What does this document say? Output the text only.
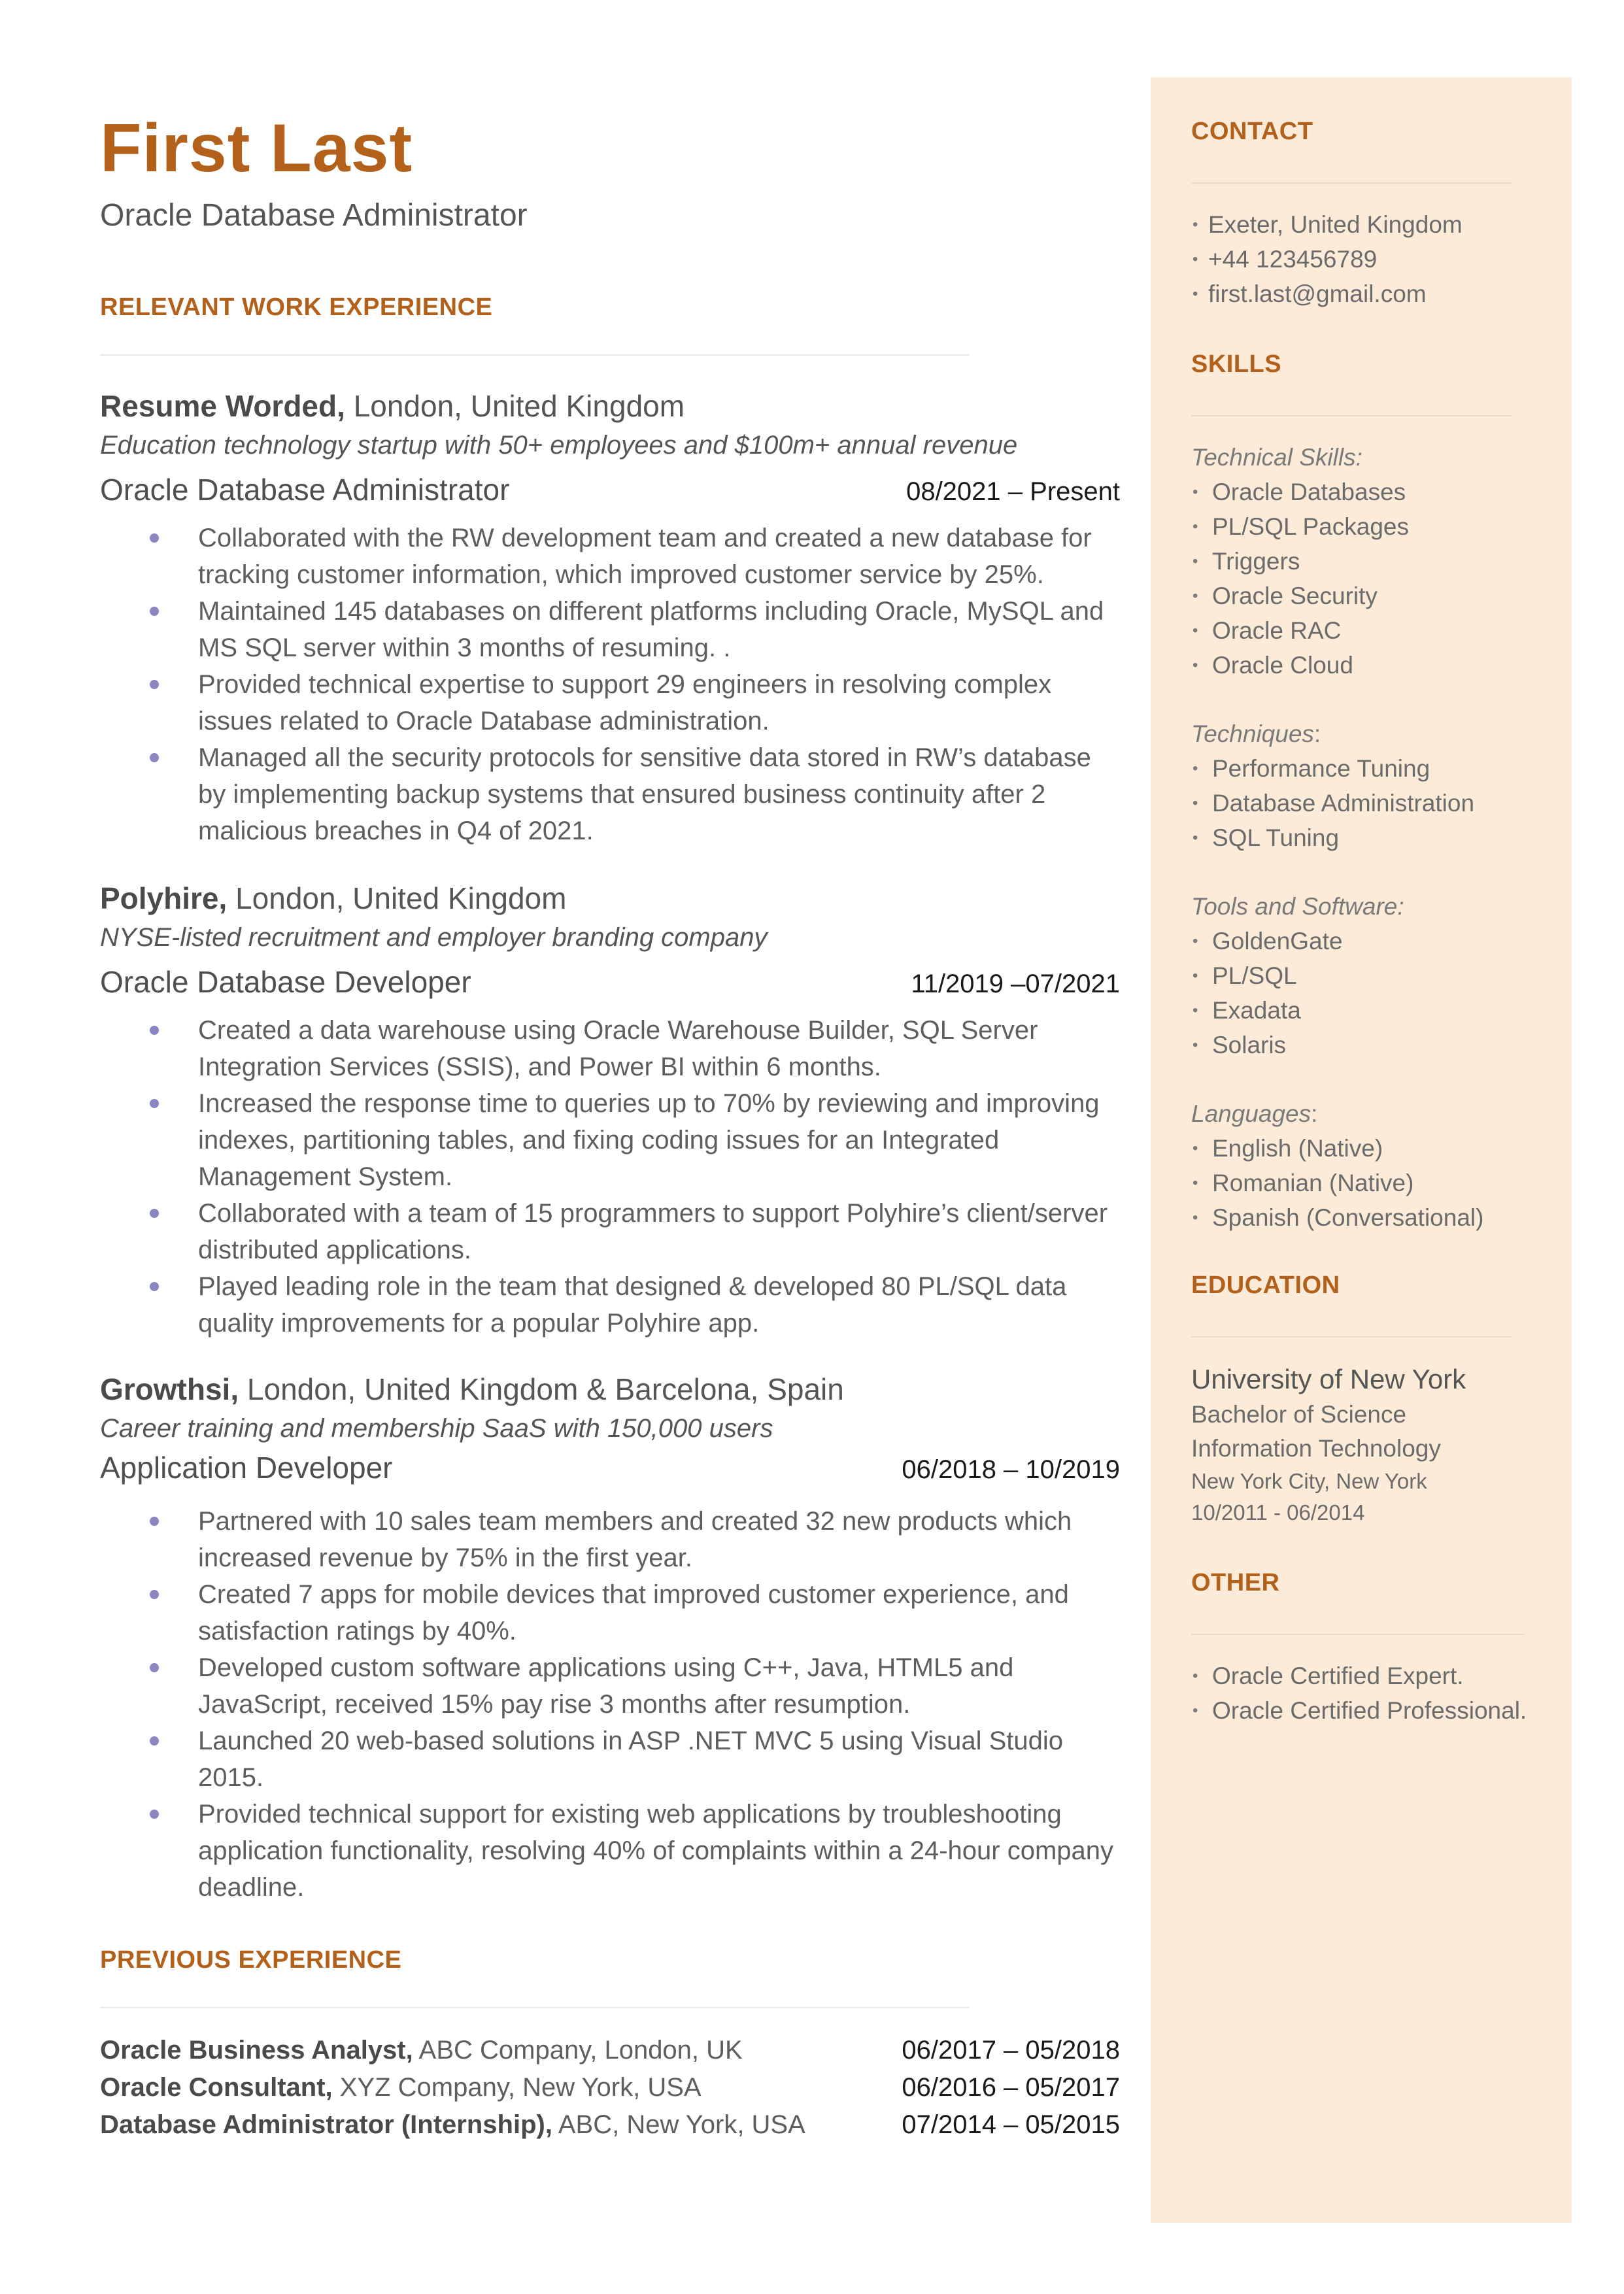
First Last
Oracle Database Administrator
RELEVANT WORK EXPERIENCE
Resume Worded, London, United Kingdom
Education technology startup with 50+ employees and $100m+ annual revenue
Oracle Database Administrator	08/2021 – Present
Collaborated with the RW development team and created a new database for tracking customer information, which improved customer service by 25%.
Maintained 145 databases on different platforms including Oracle, MySQL and MS SQL server within 3 months of resuming. .
Provided technical expertise to support 29 engineers in resolving complex issues related to Oracle Database administration.
Managed all the security protocols for sensitive data stored in RW’s database by implementing backup systems that ensured business continuity after 2 malicious breaches in Q4 of 2021.
Polyhire, London, United Kingdom
NYSE-listed recruitment and employer branding company
Oracle Database Developer	11/2019 –07/2021
Created a data warehouse using Oracle Warehouse Builder, SQL Server Integration Services (SSIS), and Power BI within 6 months.
Increased the response time to queries up to 70% by reviewing and improving indexes, partitioning tables, and fixing coding issues for an Integrated Management System.
Collaborated with a team of 15 programmers to support Polyhire’s client/server distributed applications.
Played leading role in the team that designed & developed 80 PL/SQL data quality improvements for a popular Polyhire app.
Growthsi, London, United Kingdom & Barcelona, Spain
Career training and membership SaaS with 150,000 users
Application Developer	06/2018 – 10/2019
Partnered with 10 sales team members and created 32 new products which increased revenue by 75% in the first year.
Created 7 apps for mobile devices that improved customer experience, and satisfaction ratings by 40%.
Developed custom software applications using C++, Java, HTML5 and JavaScript, received 15% pay rise 3 months after resumption.
Launched 20 web-based solutions in ASP .NET MVC 5 using Visual Studio 2015.
Provided technical support for existing web applications by troubleshooting application functionality, resolving 40% of complaints within a 24-hour company deadline.
PREVIOUS EXPERIENCE
Oracle Business Analyst, ABC Company, London, UK	06/2017 – 05/2018
Oracle Consultant, XYZ Company, New York, USA	06/2016 – 05/2017
Database Administrator (Internship), ABC, New York, USA	07/2014 – 05/2015
CONTACT
• Exeter, United Kingdom
• +44 123456789
• first.last@gmail.com
SKILLS
Technical Skills:
• Oracle Databases
• PL/SQL Packages
• Triggers
• Oracle Security
• Oracle RAC
• Oracle Cloud
Techniques:
• Performance Tuning
• Database Administration
• SQL Tuning
Tools and Software:
• GoldenGate
• PL/SQL
• Exadata
• Solaris
Languages:
• English (Native)
• Romanian (Native)
• Spanish (Conversational)
EDUCATION
University of New York
Bachelor of Science
Information Technology
New York City, New York
10/2011 - 06/2014
OTHER
• Oracle Certified Expert.
• Oracle Certified Professional.
